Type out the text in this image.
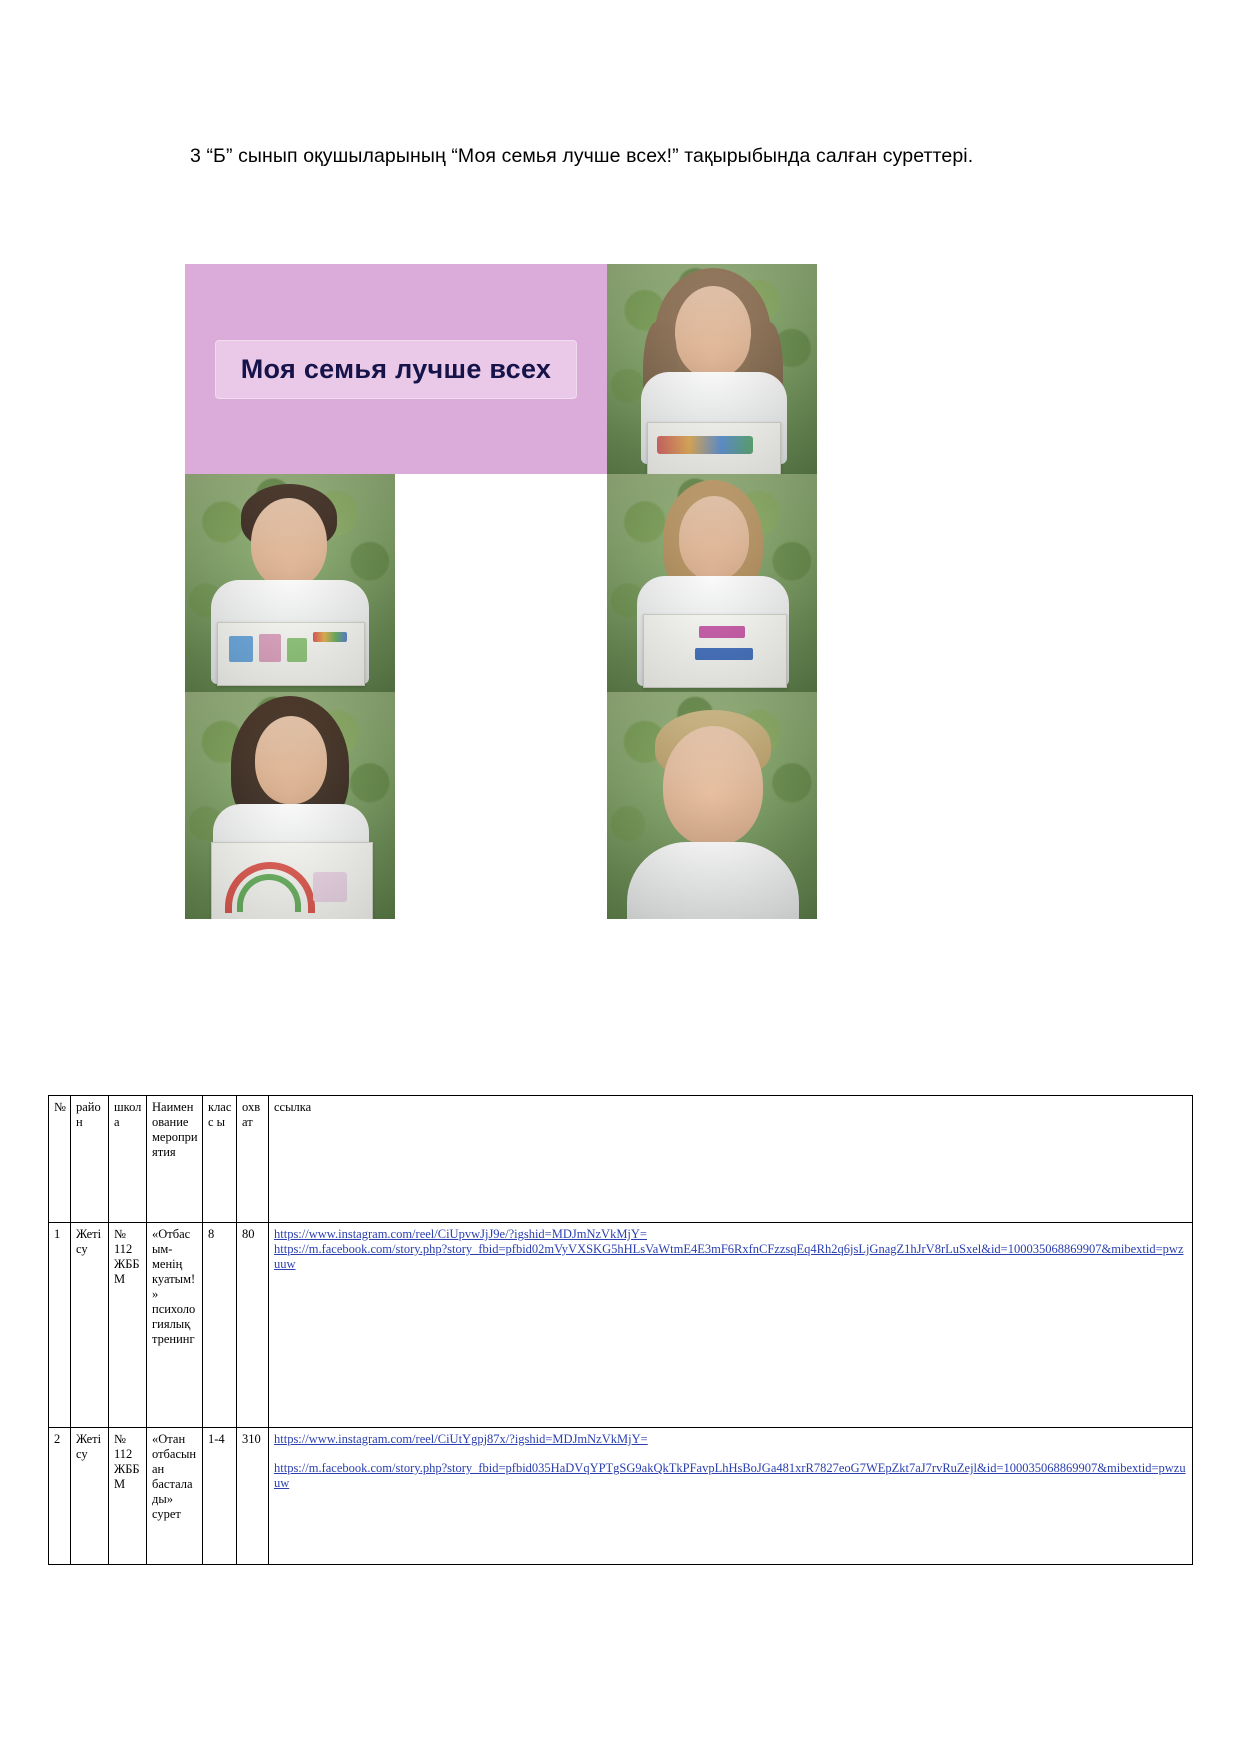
3 “Б” сынып оқушыларының “Моя семья лучше всех!” тақырыбында салған суреттері.
Моя семья лучше всех
№	район	школа	Наименование мероприятия	класс ы	охват	ссылка
1	Жетісу	№ 112 ЖББМ	«Отбасым-менің куатым!» психологиялық тренинг	8	80	https://www.instagram.com/reel/CiUpvwJjJ9e/?igshid=MDJmNzVkMjY=
https://m.facebook.com/story.php?story_fbid=pfbid02mVyVXSKG5hHLsVaWtmE4E3mF6RxfnCFzzsqEq4Rh2q6jsLjGnagZ1hJrV8rLuSxel&id=100035068869907&mibextid=pwzuuw

2	Жетісу	№ 112 ЖББМ	«Отан отбасынан басталады» сурет	1-4	310	https://www.instagram.com/reel/CiUtYgpj87x/?igshid=MDJmNzVkMjY=
https://m.facebook.com/story.php?story_fbid=pfbid035HaDVqYPTgSG9akQkTkPFavpLhHsBoJGa481xrR7827eoG7WEpZkt7aJ7rvRuZejl&id=100035068869907&mibextid=pwzuuw
